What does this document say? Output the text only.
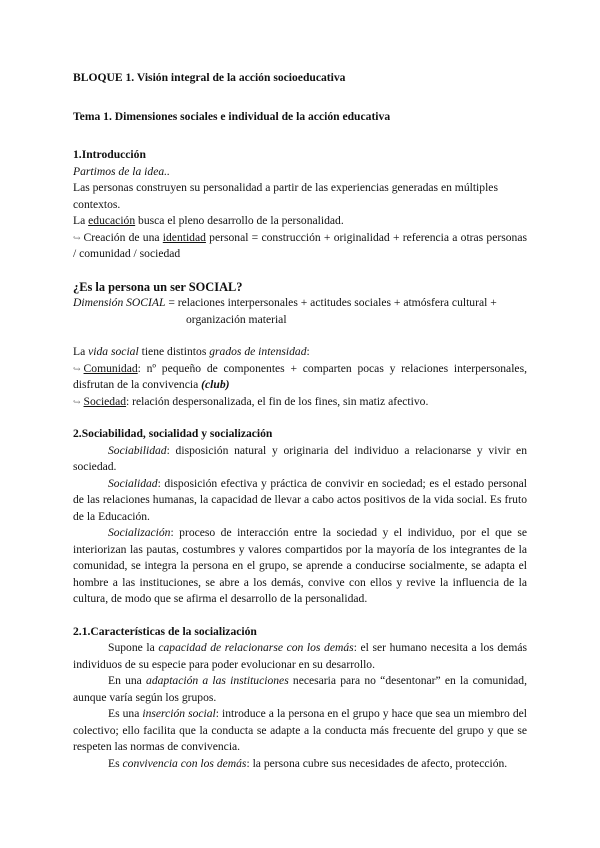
BLOQUE 1. Visión integral de la acción socioeducativa

Tema 1. Dimensiones sociales e individual de la acción educativa

1.Introducción

Partimos de la idea..

Las personas construyen su personalidad a partir de las experiencias generadas en múltiples contextos.

La educación busca el pleno desarrollo de la personalidad.

↪ Creación de una identidad personal = construcción + originalidad + referencia a otras personas / comunidad / sociedad

¿Es la persona un ser SOCIAL?

Dimensión SOCIAL = relaciones interpersonales + actitudes sociales + atmósfera cultural +

organización material

La vida social tiene distintos grados de intensidad:

↪ Comunidad: nº pequeño de componentes + comparten pocas y relaciones interpersonales, disfrutan de la convivencia (club)

↪ Sociedad: relación despersonalizada, el fin de los fines, sin matiz afectivo.

2.Sociabilidad, socialidad y socialización

Sociabilidad: disposición natural y originaria del individuo a relacionarse y vivir en sociedad.

Socialidad: disposición efectiva y práctica de convivir en sociedad; es el estado personal de las relaciones humanas, la capacidad de llevar a cabo actos positivos de la vida social. Es fruto de la Educación.

Socialización: proceso de interacción entre la sociedad y el individuo, por el que se interiorizan las pautas, costumbres y valores compartidos por la mayoría de los integrantes de la comunidad, se integra la persona en el grupo, se aprende a conducirse socialmente, se adapta el hombre a las instituciones, se abre a los demás, convive con ellos y revive la influencia de la cultura, de modo que se afirma el desarrollo de la personalidad.

2.1.Características de la socialización

Supone la capacidad de relacionarse con los demás: el ser humano necesita a los demás individuos de su especie para poder evolucionar en su desarrollo.

En una adaptación a las instituciones necesaria para no “desentonar” en la comunidad, aunque varía según los grupos.

Es una inserción social: introduce a la persona en el grupo y hace que sea un miembro del colectivo; ello facilita que la conducta se adapte a la conducta más frecuente del grupo y que se respeten las normas de convivencia.

Es convivencia con los demás: la persona cubre sus necesidades de afecto, protección.
